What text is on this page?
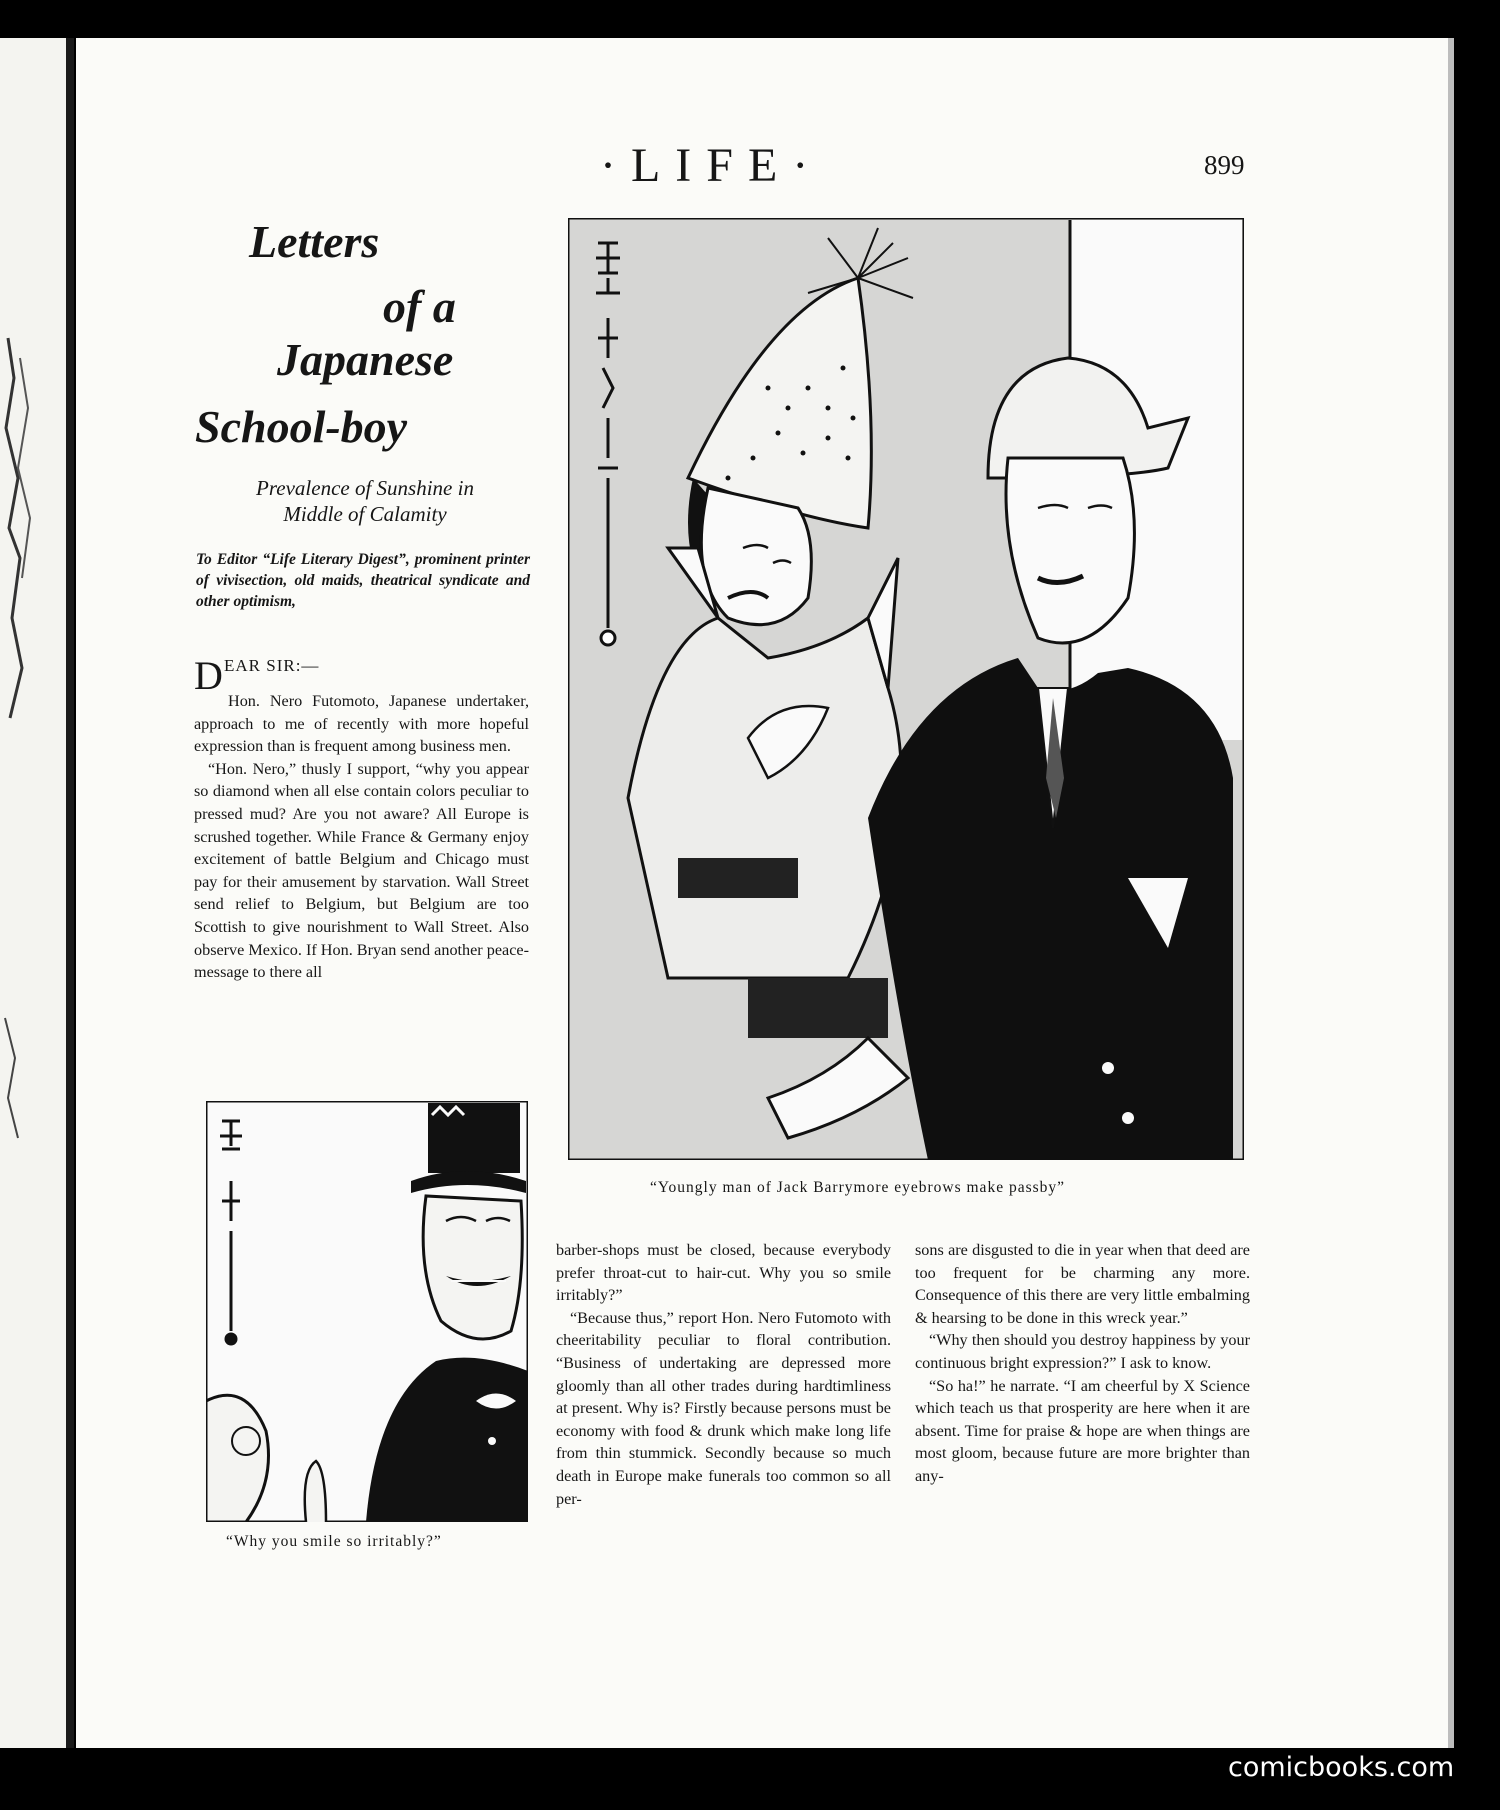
·LIFE·	899
Letters
of a
Japanese
School-boy
Prevalence of Sunshine in Middle of Calamity
To Editor “Life Literary Digest”, prominent printer of vivisection, old maids, theatrical syndicate and other optimism,
D EAR SIR:—

Hon. Nero Futomoto, Japanese undertaker, approach to me of recently with more hopeful expression than is frequent among business men.

“Hon. Nero,” thusly I support, “why you appear so diamond when all else contain colors peculiar to pressed mud? Are you not aware? All Europe is scrushed together. While France & Germany enjoy excitement of battle Belgium and Chicago must pay for their amusement by starvation. Wall Street send relief to Belgium, but Belgium are too Scottish to give nourishment to Wall Street. Also observe Mexico. If Hon. Bryan send another peace-message to there all

barber-shops must be closed, because everybody prefer throat-cut to hair-cut. Why you so smile irritably?”

“Because thus,” report Hon. Nero Futomoto with cheeritability peculiar to floral contribution. “Business of undertaking are depressed more gloomly than all other trades during hardtimliness at present. Why is? Firstly because persons must be economy with food & drunk which make long life from thin stummick. Secondly because so much death in Europe make funerals too common so all per-

sons are disgusted to die in year when that deed are too frequent for be charming any more. Consequence of this there are very little embalming & hearsing to be done in this wreck year.”

“Why then should you destroy happiness by your continuous bright expression?” I ask to know.

“So ha!” he narrate. “I am cheerful by X Science which teach us that prosperity are here when it are absent. Time for praise & hope are when things are most gloom, because future are more brighter than any-

“Youngly man of Jack Barrymore eyebrows make passby”
“Why you smile so irritably?”
comicbooks.com
